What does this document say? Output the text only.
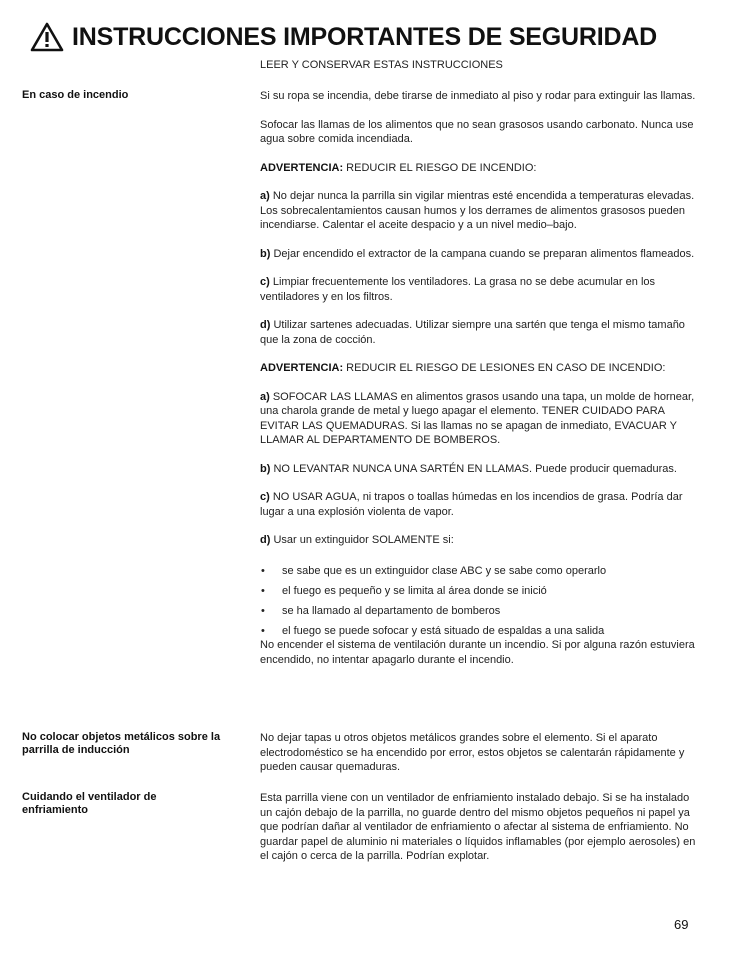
INSTRUCCIONES IMPORTANTES DE SEGURIDAD
LEER Y CONSERVAR ESTAS INSTRUCCIONES
En caso de incendio	Si su ropa se incendia, debe tirarse de inmediato al piso y rodar para extinguir las llamas.

Sofocar las llamas de los alimentos que no sean grasosos usando carbonato. Nunca use agua sobre comida incendiada.

ADVERTENCIA: REDUCIR EL RIESGO DE INCENDIO:

a) No dejar nunca la parrilla sin vigilar mientras esté encendida a temperaturas elevadas. Los sobrecalentamientos causan humos y los derrames de alimentos grasosos pueden incendiarse. Calentar el aceite despacio y a un nivel medio–bajo.

b) Dejar encendido el extractor de la campana cuando se preparan alimentos flameados.

c) Limpiar frecuentemente los ventiladores. La grasa no se debe acumular en los ventiladores y en los filtros.

d) Utilizar sartenes adecuadas. Utilizar siempre una sartén que tenga el mismo tamaño que la zona de cocción.

ADVERTENCIA: REDUCIR EL RIESGO DE LESIONES EN CASO DE INCENDIO:

a) SOFOCAR LAS LLAMAS en alimentos grasos usando una tapa, un molde de hornear, una charola grande de metal y luego apagar el elemento. TENER CUIDADO PARA EVITAR LAS QUEMADURAS. Si las llamas no se apagan de inmediato, EVACUAR Y LLAMAR AL DEPARTAMENTO DE BOMBEROS.

b) NO LEVANTAR NUNCA UNA SARTÉN EN LLAMAS. Puede producir quemaduras.

c) NO USAR AGUA, ni trapos o toallas húmedas en los incendios de grasa. Podría dar lugar a una explosión violenta de vapor.

d) Usar un extinguidor SOLAMENTE si:

• se sabe que es un extinguidor clase ABC y se sabe como operarlo
• el fuego es pequeño y se limita al área donde se inició
• se ha llamado al departamento de bomberos
• el fuego se puede sofocar y está situado de espaldas a una salida

No encender el sistema de ventilación durante un incendio. Si por alguna razón estuviera encendido, no intentar apagarlo durante el incendio.

No colocar objetos metálicos sobre la parrilla de inducción

No dejar tapas u otros objetos metálicos grandes sobre el elemento. Si el aparato electrodoméstico se ha encendido por error, estos objetos se calentarán rápidamente y pueden causar quemaduras.

Cuidando el ventilador de enfriamiento

Esta parrilla viene con un ventilador de enfriamiento instalado debajo. Si se ha instalado un cajón debajo de la parrilla, no guarde dentro del mismo objetos pequeños ni papel ya que podrían dañar al ventilador de enfriamiento o afectar al sistema de enfriamiento. No guardar papel de aluminio ni materiales o líquidos inflamables (por ejemplo aerosoles) en el cajón o cerca de la parrilla. Podrían explotar.

69
